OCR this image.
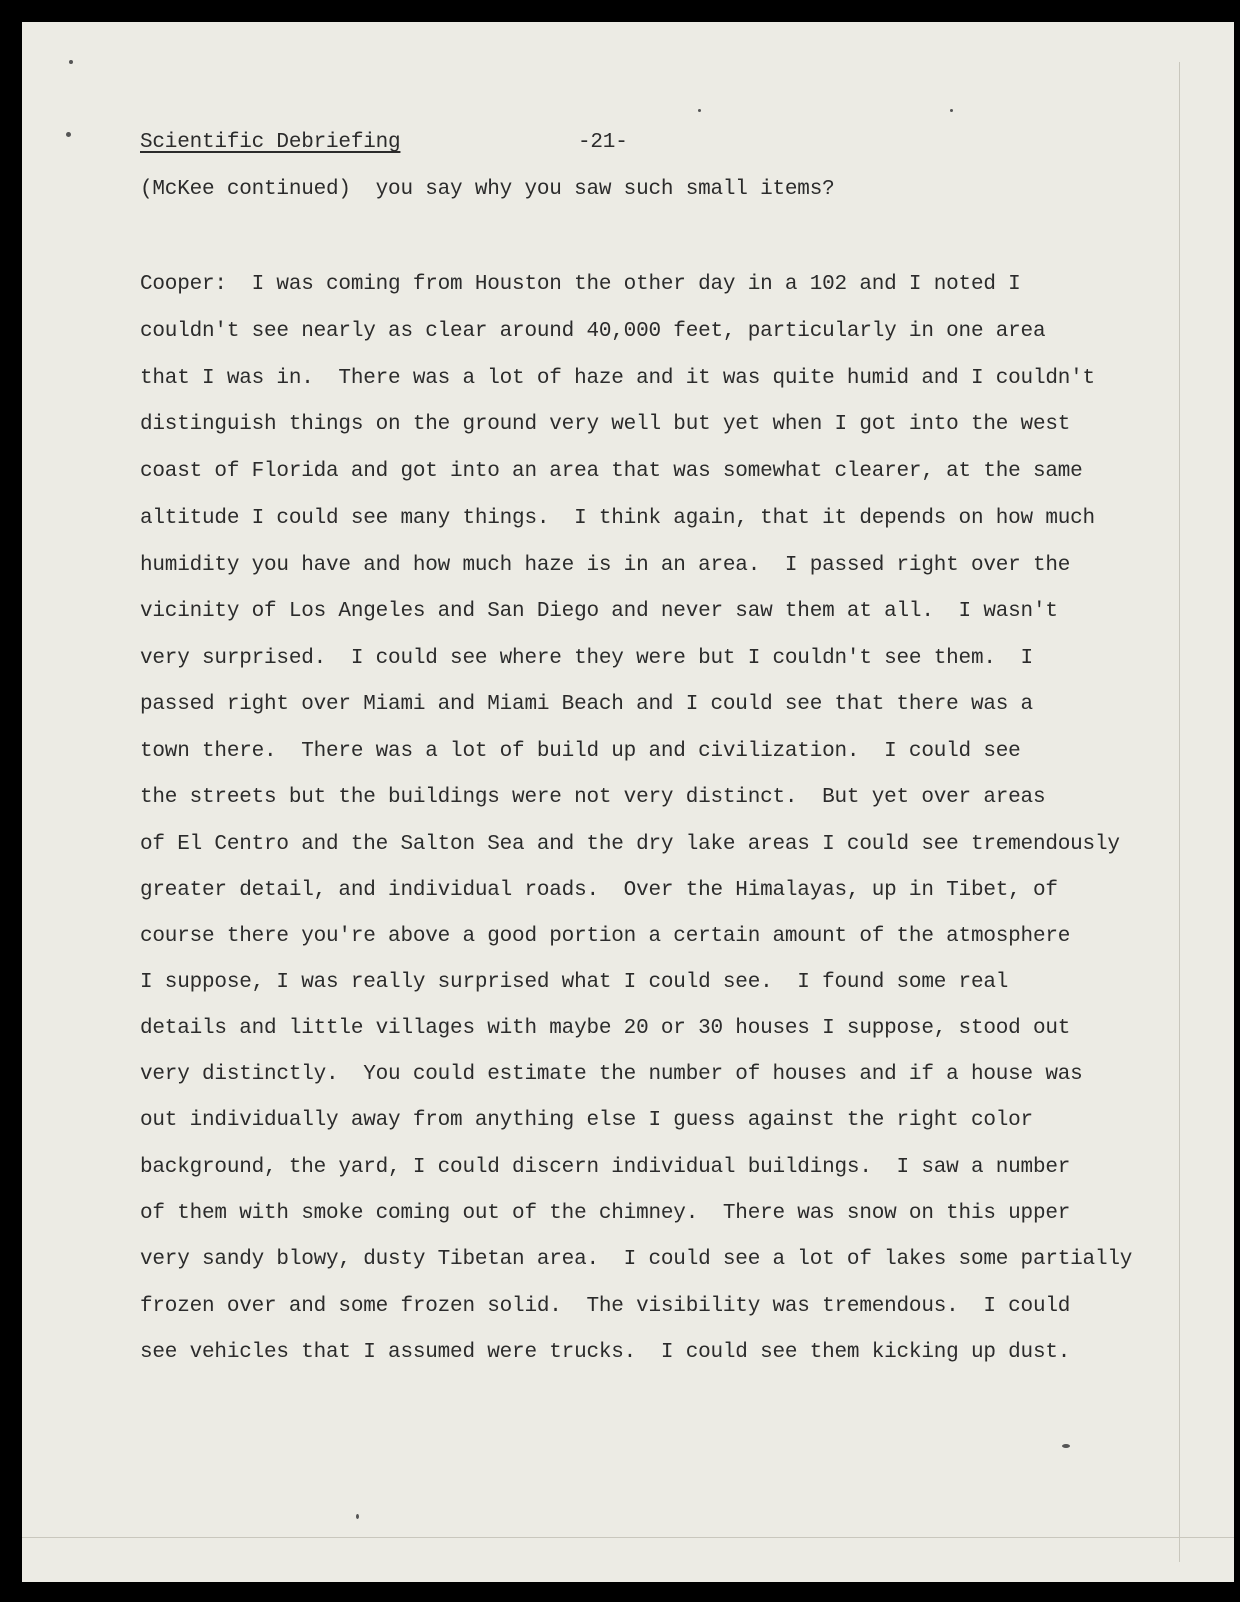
Scientific Debriefing	-21-
(McKee continued)  you say why you saw such small items?
Cooper:  I was coming from Houston the other day in a 102 and I noted I
couldn't see nearly as clear around 40,000 feet, particularly in one area
that I was in.  There was a lot of haze and it was quite humid and I couldn't
distinguish things on the ground very well but yet when I got into the west
coast of Florida and got into an area that was somewhat clearer, at the same
altitude I could see many things.  I think again, that it depends on how much
humidity you have and how much haze is in an area.  I passed right over the
vicinity of Los Angeles and San Diego and never saw them at all.  I wasn't
very surprised.  I could see where they were but I couldn't see them.  I
passed right over Miami and Miami Beach and I could see that there was a
town there.  There was a lot of build up and civilization.  I could see
the streets but the buildings were not very distinct.  But yet over areas
of El Centro and the Salton Sea and the dry lake areas I could see tremendously
greater detail, and individual roads.  Over the Himalayas, up in Tibet, of
course there you're above a good portion a certain amount of the atmosphere
I suppose, I was really surprised what I could see.  I found some real
details and little villages with maybe 20 or 30 houses I suppose, stood out
very distinctly.  You could estimate the number of houses and if a house was
out individually away from anything else I guess against the right color
background, the yard, I could discern individual buildings.  I saw a number
of them with smoke coming out of the chimney.  There was snow on this upper
very sandy blowy, dusty Tibetan area.  I could see a lot of lakes some partially
frozen over and some frozen solid.  The visibility was tremendous.  I could
see vehicles that I assumed were trucks.  I could see them kicking up dust.
